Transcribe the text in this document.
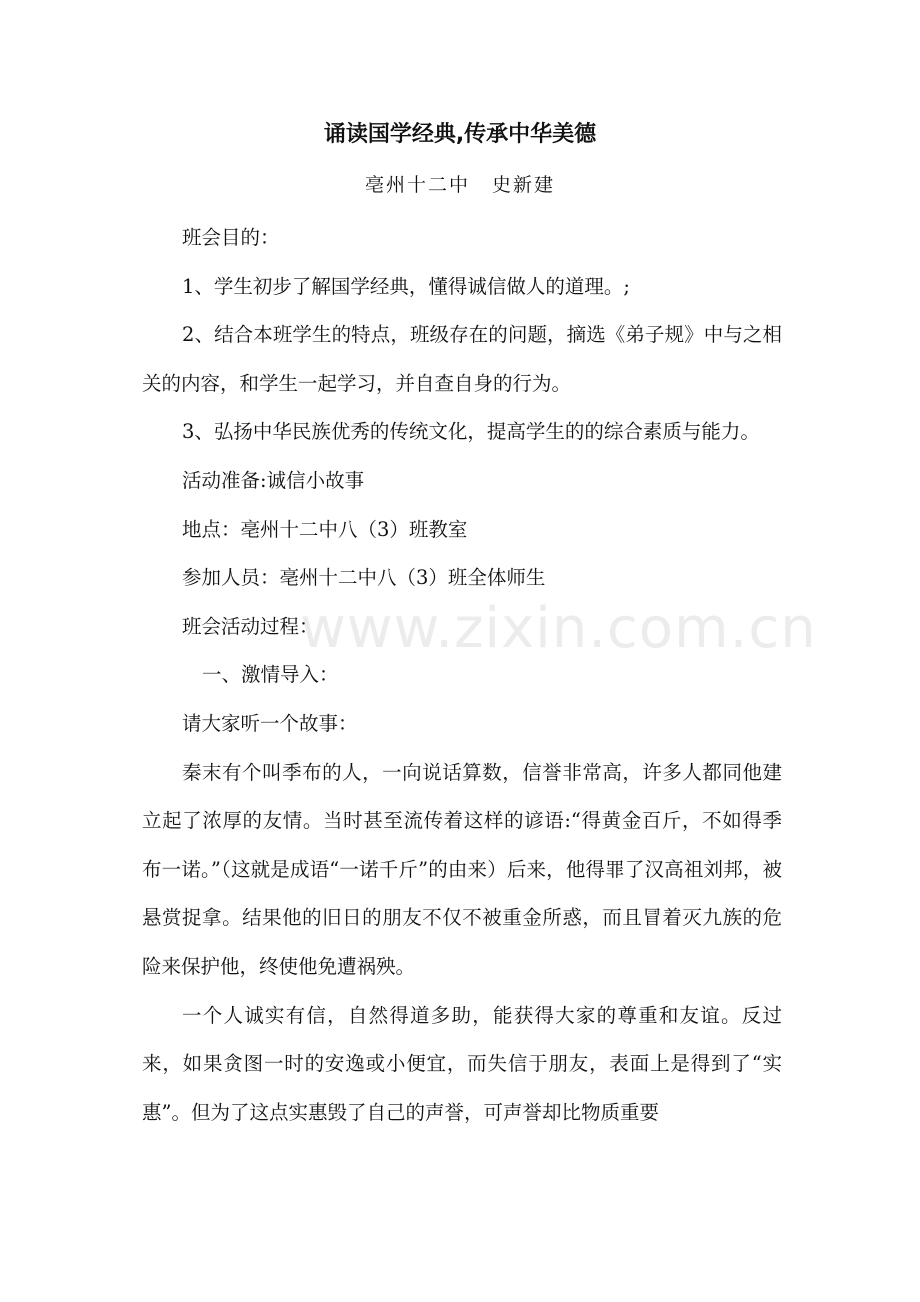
诵读国学经典,传承中华美德
亳州十二中 史新建

班会目的：

1、学生初步了解国学经典，懂得诚信做人的道理。;

2、结合本班学生的特点，班级存在的问题，摘选《弟子规》中与之相关的内容，和学生一起学习，并自查自身的行为。

3、弘扬中华民族优秀的传统文化，提高学生的的综合素质与能力。

活动准备:诚信小故事

地点：亳州十二中八（3）班教室

参加人员：亳州十二中八（3）班全体师生

班会活动过程：

一、激情导入：

请大家听一个故事：

秦末有个叫季布的人，一向说话算数，信誉非常高，许多人都同他建立起了浓厚的友情。当时甚至流传着这样的谚语:“得黄金百斤，不如得季布一诺。”（这就是成语“一诺千斤”的由来）后来，他得罪了汉高祖刘邦，被悬赏捉拿。结果他的旧日的朋友不仅不被重金所惑，而且冒着灭九族的危险来保护他，终使他免遭祸殃。

一个人诚实有信，自然得道多助，能获得大家的尊重和友谊。反过来，如果贪图一时的安逸或小便宜，而失信于朋友，表面上是得到了“实惠”。但为了这点实惠毁了自己的声誉，可声誉却比物质重要

www.zixin.com.cn
